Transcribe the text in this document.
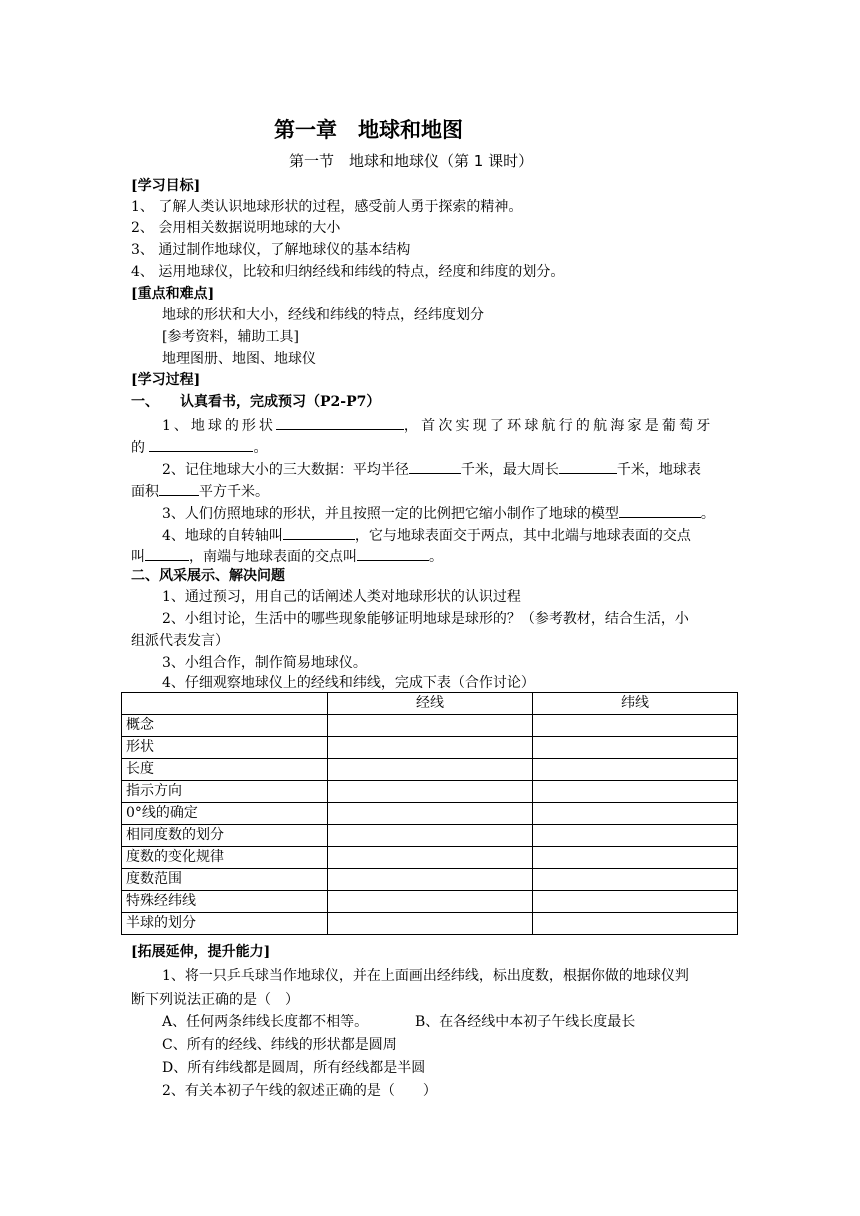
第一章　地球和地图
第一节　地球和地球仪（第 1 课时）
[学习目标]
1、 了解人类认识地球形状的过程，感受前人勇于探索的精神。
2、 会用相关数据说明地球的大小
3、 通过制作地球仪，了解地球仪的基本结构
4、 运用地球仪，比较和归纳经线和纬线的特点，经度和纬度的划分。
[重点和难点]
地球的形状和大小，经线和纬线的特点，经纬度划分
[参考资料，辅助工具]
地理图册、地图、地球仪
[学习过程]
一、　　认真看书，完成预习（P2-P7）
1、地球的形状	，首次实现了环球航行的航海家是葡萄牙
的	。
2、记住地球大小的三大数据：平均半径	千米，最大周长	千米，地球表
面积	平方千米。
3、人们仿照地球的形状，并且按照一定的比例把它缩小制作了地球的模型	。
4、地球的自转轴叫	，它与地球表面交于两点，其中北端与地球表面的交点
叫	，南端与地球表面的交点叫	。
二、风采展示、解决问题
1、通过预习，用自己的话阐述人类对地球形状的认识过程
2、小组讨论，生活中的哪些现象能够证明地球是球形的？（参考教材，结合生活，小
组派代表发言）
3、小组合作，制作简易地球仪。
4、仔细观察地球仪上的经线和纬线，完成下表（合作讨论）
	经线	纬线
概念		
形状		
长度		
指示方向		
0°线的确定		
相同度数的划分		
度数的变化规律		
度数范围		
特殊经纬线		
半球的划分		
[拓展延伸，提升能力]
1、将一只乒乓球当作地球仪，并在上面画出经纬线，标出度数，根据你做的地球仪判
断下列说法正确的是（　）
A、任何两条纬线长度都不相等。	B、在各经线中本初子午线长度最长
C、所有的经线、纬线的形状都是圆周
D、所有纬线都是圆周，所有经线都是半圆
2、有关本初子午线的叙述正确的是（　　）
